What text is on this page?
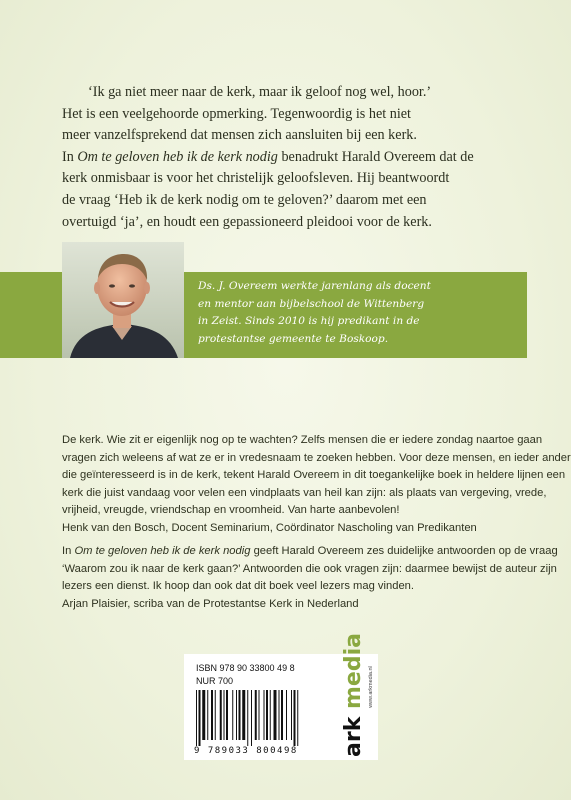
‘Ik ga niet meer naar de kerk, maar ik geloof nog wel, hoor.’

Het is een veelgehoorde opmerking. Tegenwoordig is het niet

meer vanzelfsprekend dat mensen zich aansluiten bij een kerk.

In Om te geloven heb ik de kerk nodig benadrukt Harald Overeem dat de

kerk onmisbaar is voor het christelijk geloofsleven. Hij beantwoordt

de vraag ‘Heb ik de kerk nodig om te geloven?’ daarom met een

overtuigd ‘ja’, en houdt een gepassioneerd pleidooi voor de kerk.

Ds. J. Overeem werkte jarenlang als docent
en mentor aan bijbelschool de Wittenberg
in Zeist. Sinds 2010 is hij predikant in de
protestantse gemeente te Boskoop.
De kerk. Wie zit er eigenlijk nog op te wachten? Zelfs mensen die er iedere zondag naartoe gaan
vragen zich weleens af wat ze er in vredesnaam te zoeken hebben. Voor deze mensen, en ieder ander
die geïnteresseerd is in de kerk, tekent Harald Overeem in dit toegankelijke boek in heldere lijnen een
kerk die juist vandaag voor velen een vindplaats van heil kan zijn: als plaats van vergeving, vrede,
vrijheid, vreugde, vriendschap en vroomheid. Van harte aanbevolen!
Henk van den Bosch, Docent Seminarium, Coördinator Nascholing van Predikanten
In Om te geloven heb ik de kerk nodig geeft Harald Overeem zes duidelijke antwoorden op de vraag
‘Waarom zou ik naar de kerk gaan?’ Antwoorden die ook vragen zijn: daarmee bewijst de auteur zijn
lezers een dienst. Ik hoop dan ook dat dit boek veel lezers mag vinden.
Arjan Plaisier, scriba van de Protestantse Kerk in Nederland
ISBN 978 90 33800 49 8
NUR 700
9 789033 800498 ark media www.arkmedia.nl
